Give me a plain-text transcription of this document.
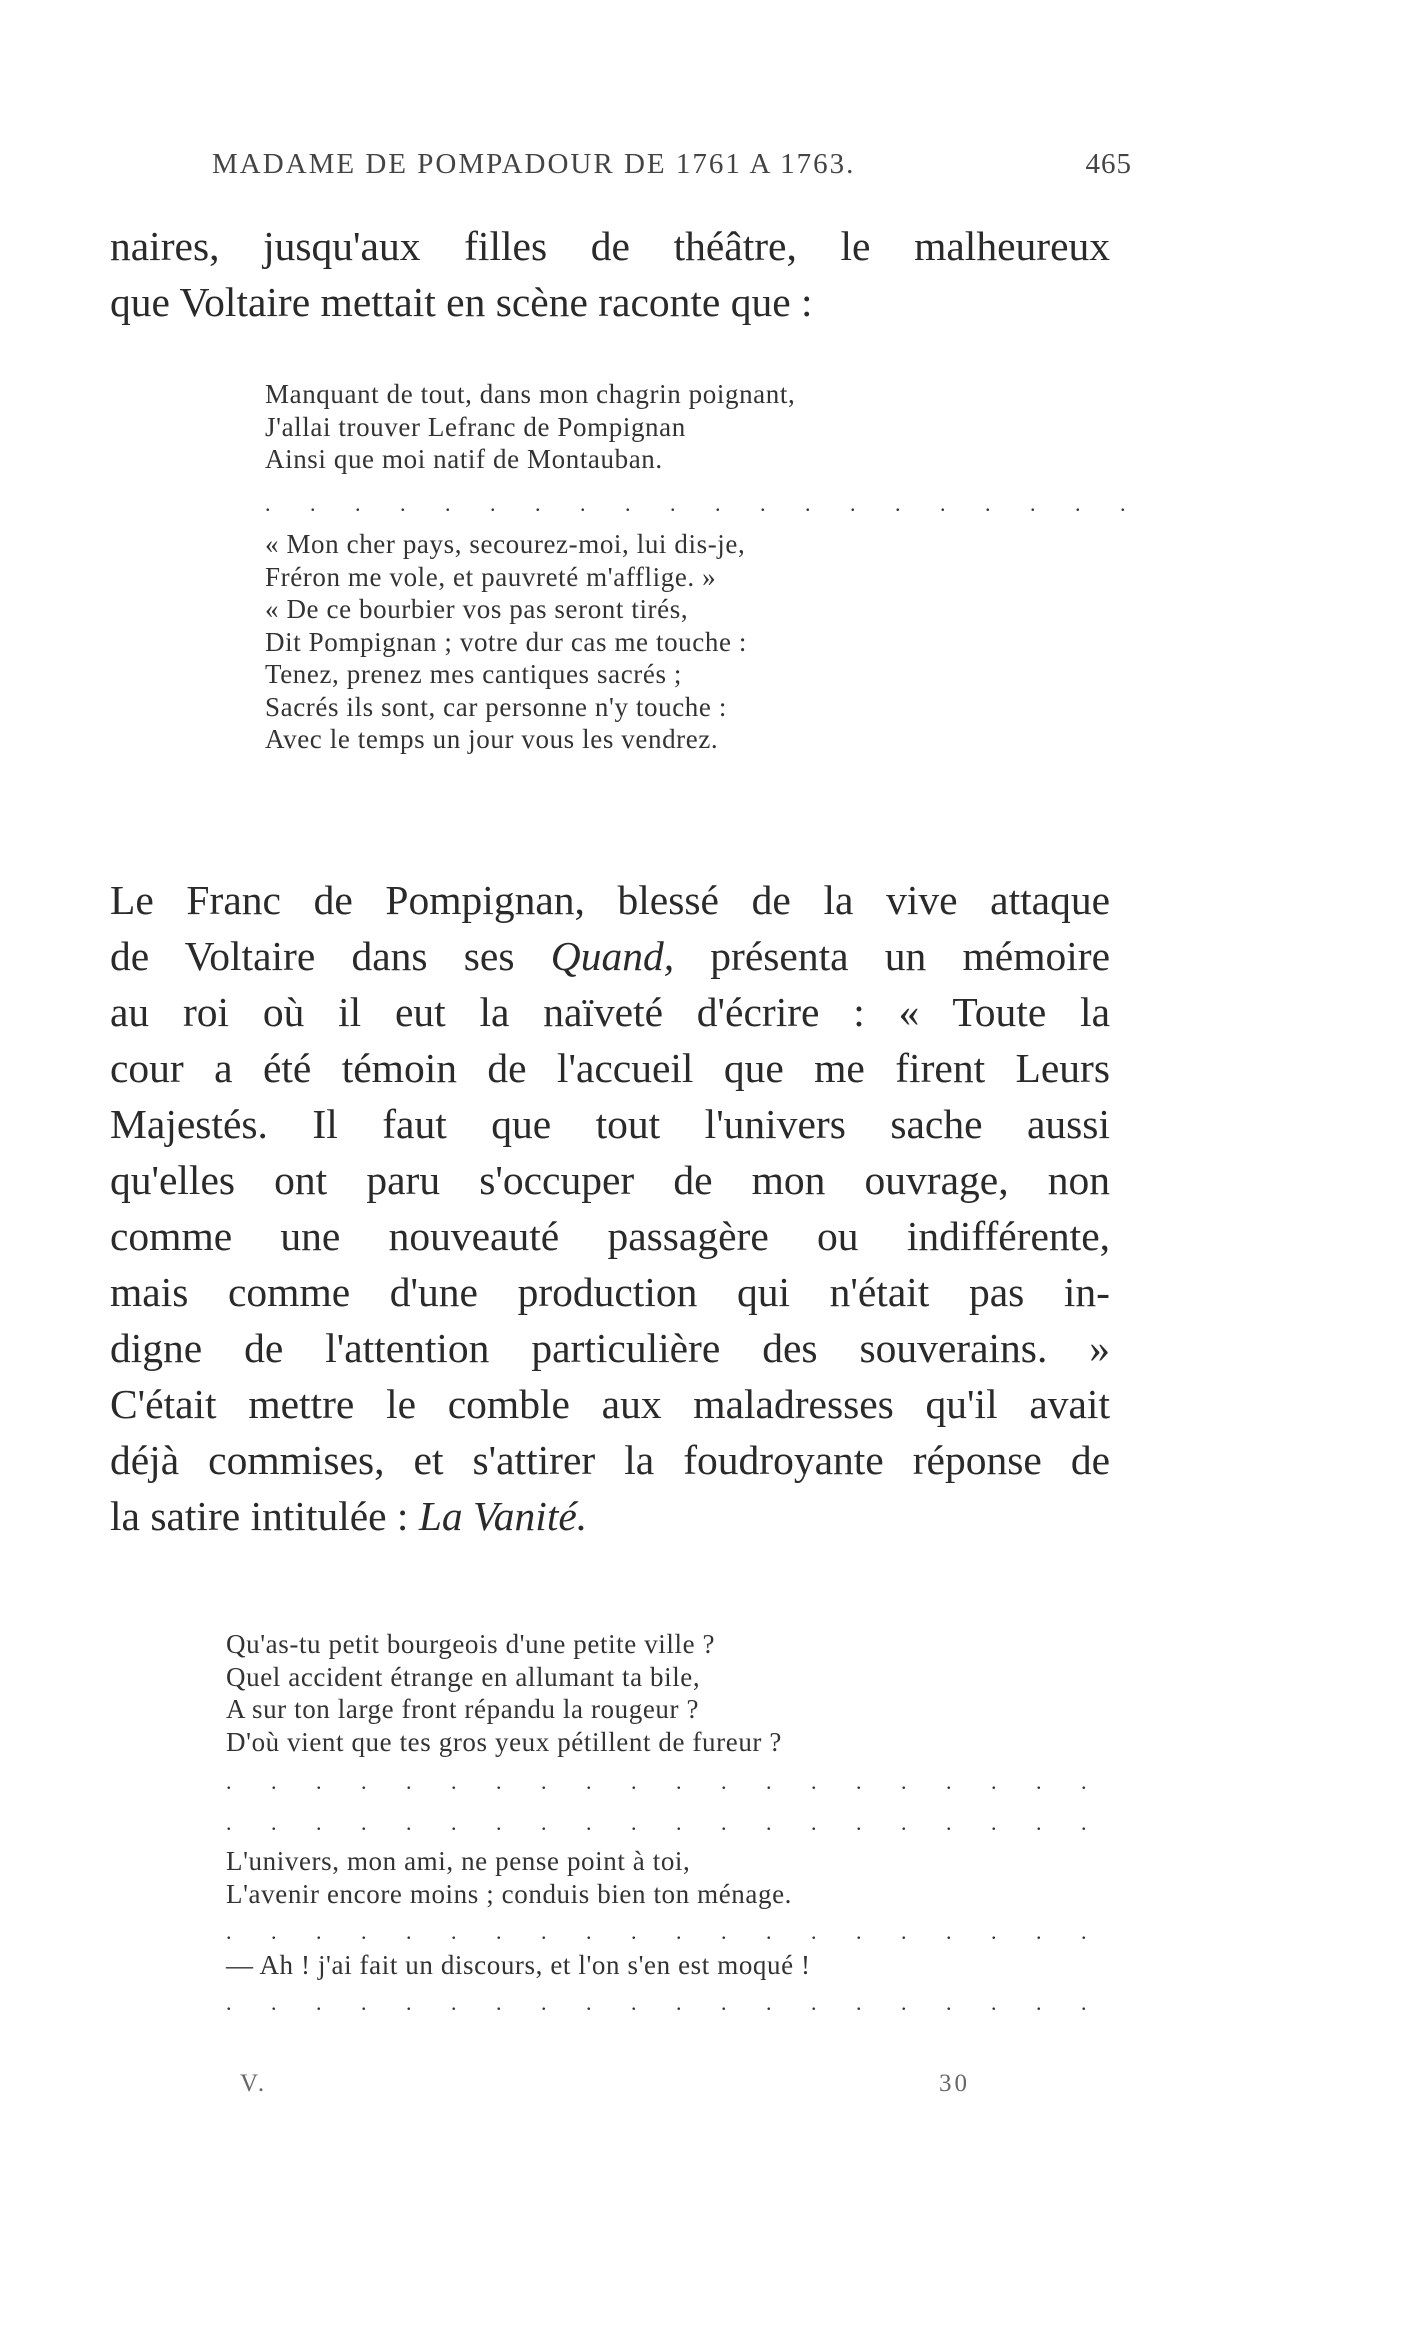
MADAME DE POMPADOUR DE 1761 A 1763.	465
naires, jusqu'aux filles de théâtre, le malheureux
que Voltaire mettait en scène raconte que :
Manquant de tout, dans mon chagrin poignant,
J'allai trouver Lefranc de Pompignan
Ainsi que moi natif de Montauban.
. . . . . . . . . . . . . . . . . . . .
« Mon cher pays, secourez-moi, lui dis-je,
Fréron me vole, et pauvreté m'afflige. »
« De ce bourbier vos pas seront tirés,
Dit Pompignan ; votre dur cas me touche :
Tenez, prenez mes cantiques sacrés ;
Sacrés ils sont, car personne n'y touche :
Avec le temps un jour vous les vendrez.
Le Franc de Pompignan, blessé de la vive attaque
de Voltaire dans ses Quand, présenta un mémoire
au roi où il eut la naïveté d'écrire : « Toute la
cour a été témoin de l'accueil que me firent Leurs
Majestés. Il faut que tout l'univers sache aussi
qu'elles ont paru s'occuper de mon ouvrage, non
comme une nouveauté passagère ou indifférente,
mais comme d'une production qui n'était pas in-
digne de l'attention particulière des souverains. »
C'était mettre le comble aux maladresses qu'il avait
déjà commises, et s'attirer la foudroyante réponse de
la satire intitulée : La Vanité.
Qu'as-tu petit bourgeois d'une petite ville ?
Quel accident étrange en allumant ta bile,
A sur ton large front répandu la rougeur ?
D'où vient que tes gros yeux pétillent de fureur ?
. . . . . . . . . . . . . . . . . . . .
. . . . . . . . . . . . . . . . . . . .
L'univers, mon ami, ne pense point à toi,
L'avenir encore moins ; conduis bien ton ménage.
. . . . . . . . . . . . . . . . . . . .
— Ah ! j'ai fait un discours, et l'on s'en est moqué !
. . . . . . . . . . . . . . . . . . . .
V.	30
